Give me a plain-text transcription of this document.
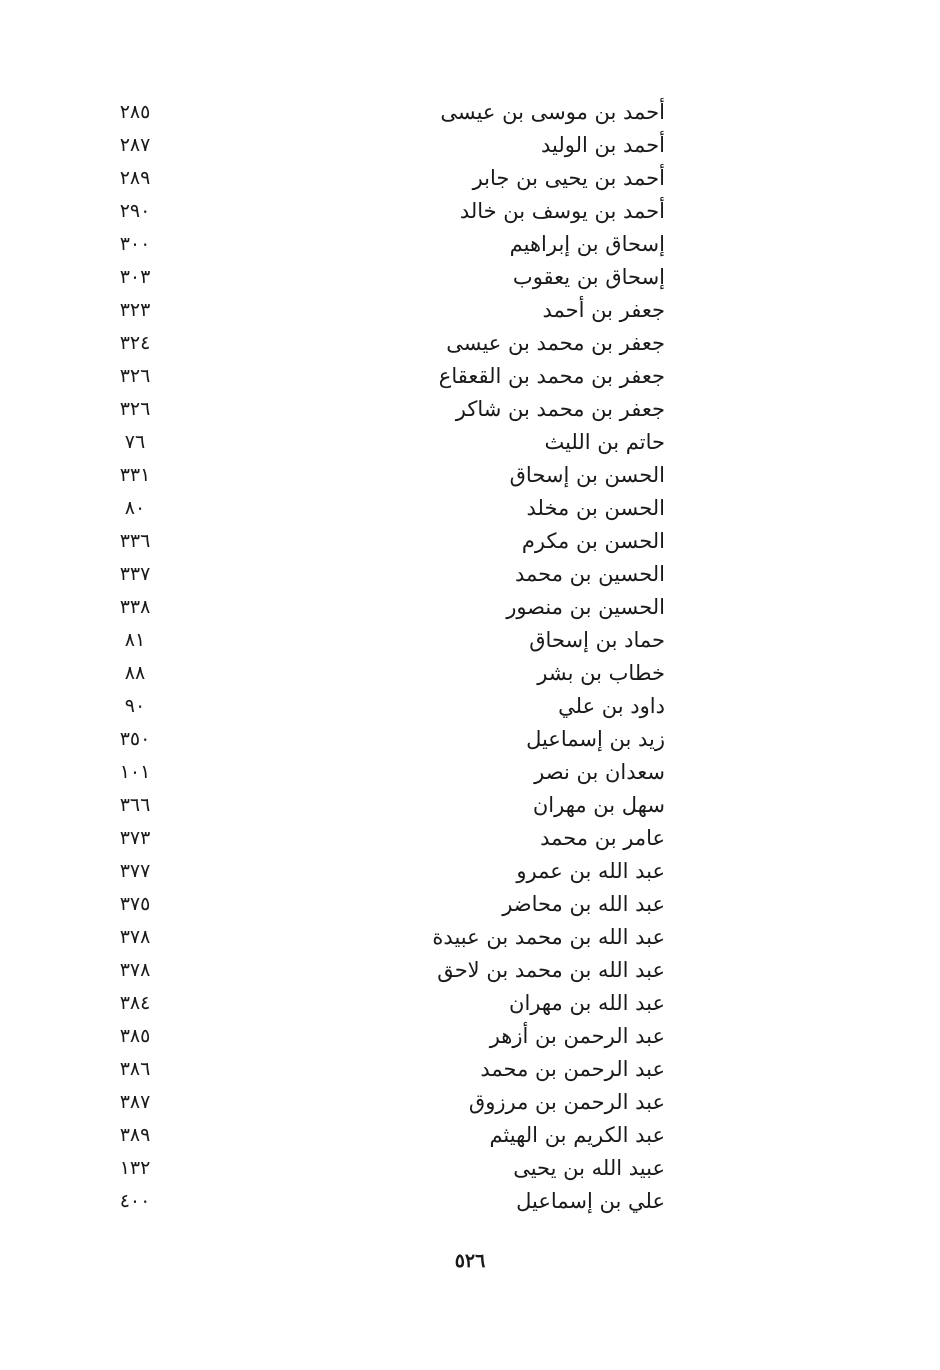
أحمد بن موسى بن عيسى
٢٨٥
أحمد بن الوليد
٢٨٧
أحمد بن يحيى بن جابر
٢٨٩
أحمد بن يوسف بن خالد
٢٩٠
إسحاق بن إبراهيم
٣٠٠
إسحاق بن يعقوب
٣٠٣
جعفر بن أحمد
٣٢٣
جعفر بن محمد بن عيسى
٣٢٤
جعفر بن محمد بن القعقاع
٣٢٦
جعفر بن محمد بن شاكر
٣٢٦
حاتم بن الليث
٧٦
الحسن بن إسحاق
٣٣١
الحسن بن مخلد
٨٠
الحسن بن مكرم
٣٣٦
الحسين بن محمد
٣٣٧
الحسين بن منصور
٣٣٨
حماد بن إسحاق
٨١
خطاب بن بشر
٨٨
داود بن علي
٩٠
زيد بن إسماعيل
٣٥٠
سعدان بن نصر
١٠١
سهل بن مهران
٣٦٦
عامر بن محمد
٣٧٣
عبد الله بن عمرو
٣٧٧
عبد الله بن محاضر
٣٧٥
عبد الله بن محمد بن عبيدة
٣٧٨
عبد الله بن محمد بن لاحق
٣٧٨
عبد الله بن مهران
٣٨٤
عبد الرحمن بن أزهر
٣٨٥
عبد الرحمن بن محمد
٣٨٦
عبد الرحمن بن مرزوق
٣٨٧
عبد الكريم بن الهيثم
٣٨٩
عبيد الله بن يحيى
١٣٢
علي بن إسماعيل
٤٠٠
٥٢٦
